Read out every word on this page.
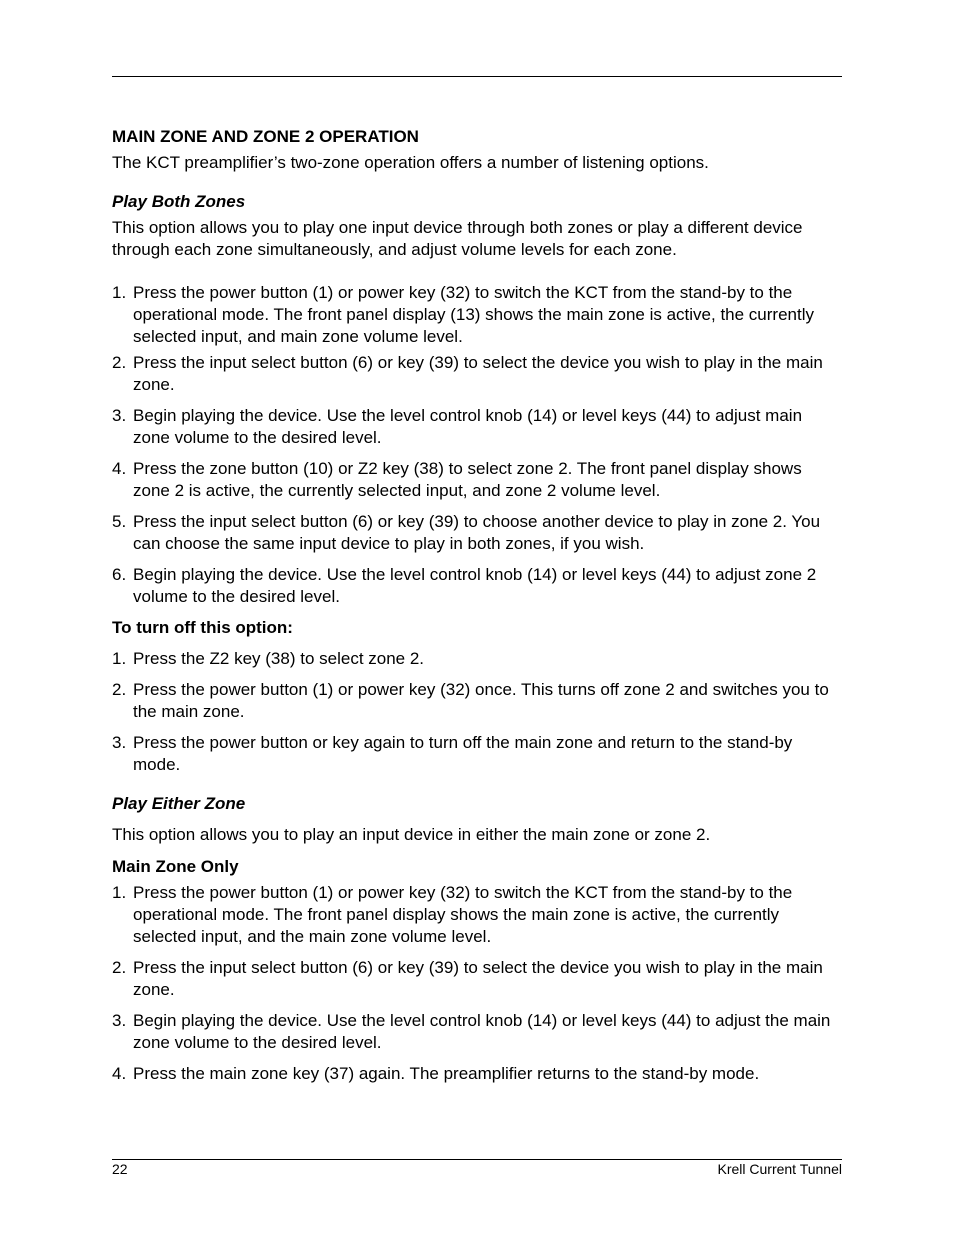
MAIN ZONE AND ZONE 2 OPERATION

The KCT preamplifier’s two-zone operation offers a number of listening options.

Play Both Zones

This option allows you to play one input device through both zones or play a different device through each zone simultaneously, and adjust volume levels for each zone.

1. Press the power button (1) or power key (32) to switch the KCT from the stand-by to the operational mode. The front panel display (13) shows the main zone is active, the currently selected input, and main zone volume level.
2. Press the input select button (6) or key (39) to select the device you wish to play in the main zone.
3. Begin playing the device. Use the level control knob (14) or level keys (44) to adjust main zone volume to the desired level.
4. Press the zone button (10) or Z2 key (38) to select zone 2. The front panel display shows zone 2 is active, the currently selected input, and zone 2 volume level.
5. Press the input select button (6) or key (39) to choose another device to play in zone 2. You can choose the same input device to play in both zones, if you wish.
6. Begin playing the device. Use the level control knob (14) or level keys (44) to adjust zone 2 volume to the desired level.
To turn off this option:
1. Press the Z2 key (38) to select zone 2.
2. Press the power button (1) or power key (32) once. This turns off zone 2 and switches you to the main zone.
3. Press the power button or key again to turn off the main zone and return to the stand-by mode.
Play Either Zone

This option allows you to play an input device in either the main zone or zone 2.

Main Zone Only
1. Press the power button (1) or power key (32) to switch the KCT from the stand-by to the operational mode. The front panel display shows the main zone is active, the currently selected input, and the main zone volume level.
2. Press the input select button (6) or key (39) to select the device you wish to play in the main zone.
3. Begin playing the device. Use the level control knob (14) or level keys (44) to adjust the main zone volume to the desired level.
4. Press the main zone key (37) again. The preamplifier returns to the stand-by mode.
22	Krell Current Tunnel
